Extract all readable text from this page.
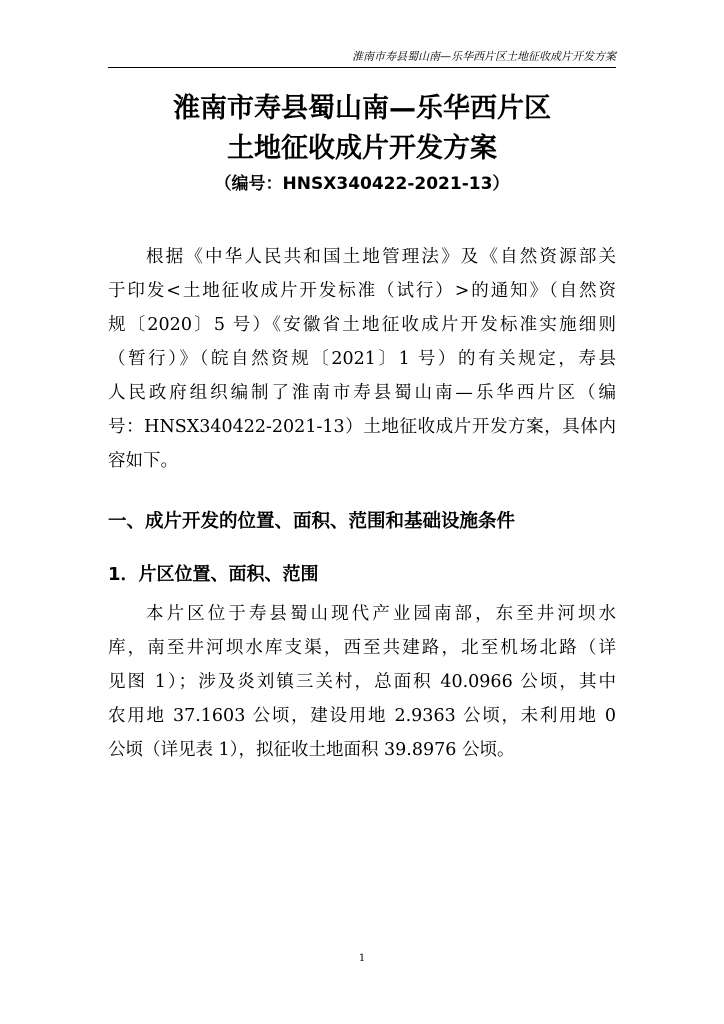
淮南市寿县蜀山南—乐华西片区土地征收成片开发方案
淮南市寿县蜀山南—乐华西片区
土地征收成片开发方案
（编号：HNSX340422-2021-13）
根据《中华人民共和国土地管理法》及《自然资源部关
于印发<土地征收成片开发标准（试行）>的通知》（自然资
规〔2020〕5 号）《安徽省土地征收成片开发标准实施细则
（暂行）》（皖自然资规〔2021〕1 号）的有关规定，寿县
人民政府组织编制了淮南市寿县蜀山南—乐华西片区（编
号：HNSX340422-2021-13）土地征收成片开发方案，具体内
容如下。
一、成片开发的位置、面积、范围和基础设施条件
1．片区位置、面积、范围
本片区位于寿县蜀山现代产业园南部，东至井河坝水
库，南至井河坝水库支渠，西至共建路，北至机场北路（详
见图 1）；涉及炎刘镇三关村，总面积 40.0966 公顷，其中
农用地 37.1603 公顷，建设用地 2.9363 公顷，未利用地 0
公顷（详见表 1），拟征收土地面积 39.8976 公顷。
1
